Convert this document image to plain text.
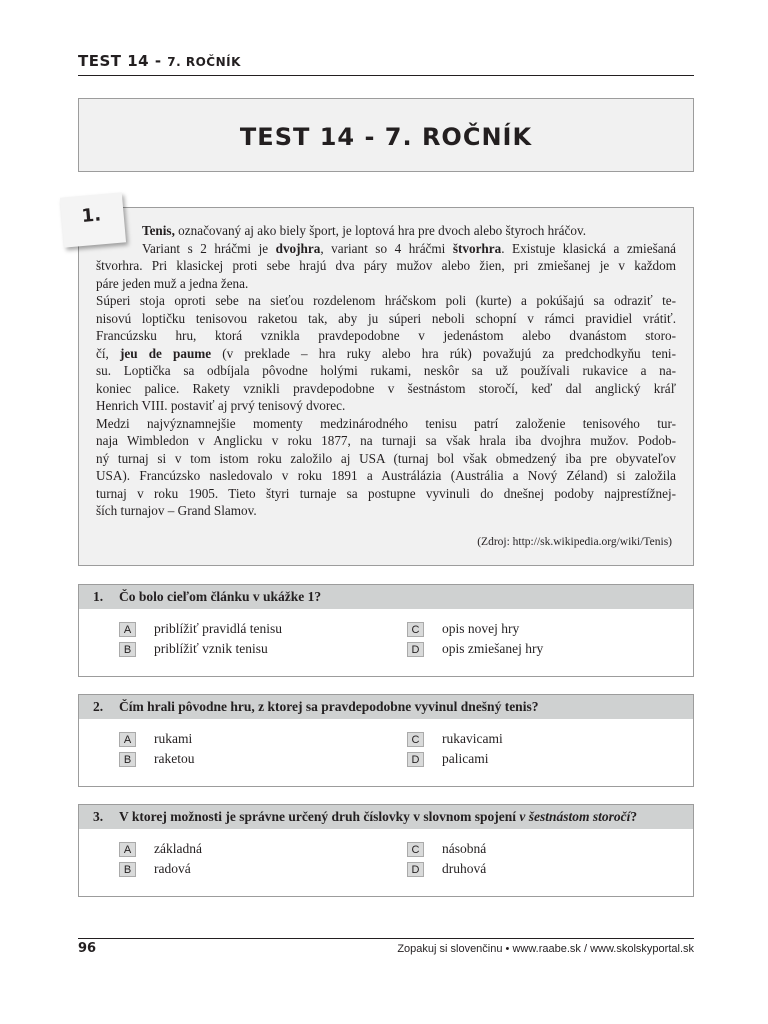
TEST 14 - 7. ROČNÍK
TEST 14 - 7. ROČNÍK
1.
Tenis, označovaný aj ako biely šport, je loptová hra pre dvoch alebo štyroch hráčov.
Variant s 2 hráčmi je dvojhra, variant so 4 hráčmi štvorhra. Existuje klasická a zmiešaná
štvorhra. Pri klasickej proti sebe hrajú dva páry mužov alebo žien, pri zmiešanej je v každom
páre jeden muž a jedna žena.
Súperi stoja oproti sebe na sieťou rozdelenom hráčskom poli (kurte) a pokúšajú sa odraziť te-
nisovú loptičku tenisovou raketou tak, aby ju súperi neboli schopní v rámci pravidiel vrátiť.
Francúzsku hru, ktorá vznikla pravdepodobne v jedenástom alebo dvanástom storo-
čí, jeu de paume (v preklade – hra ruky alebo hra rúk) považujú za predchodkyňu teni-
su. Loptička sa odbíjala pôvodne holými rukami, neskôr sa už používali rukavice a na-
koniec palice. Rakety vznikli pravdepodobne v šestnástom storočí, keď dal anglický kráľ
Henrich VIII. postaviť aj prvý tenisový dvorec.
Medzi najvýznamnejšie momenty medzinárodného tenisu patrí založenie tenisového tur-
naja Wimbledon v Anglicku v roku 1877, na turnaji sa však hrala iba dvojhra mužov. Podob-
ný turnaj si v tom istom roku založilo aj USA (turnaj bol však obmedzený iba pre obyvateľov
USA). Francúzsko nasledovalo v roku 1891 a Austrálázia (Austrália a Nový Zéland) si založila
turnaj v roku 1905. Tieto štyri turnaje sa postupne vyvinuli do dnešnej podoby najprestížnej-
ších turnajov – Grand Slamov.
(Zdroj: http://sk.wikipedia.org/wiki/Tenis)
1. Čo bolo cieľom článku v ukážke 1?
A	priblížiť pravidlá tenisu
B	priblížiť vznik tenisu
C	opis novej hry
D	opis zmiešanej hry
2. Čím hrali pôvodne hru, z ktorej sa pravdepodobne vyvinul dnešný tenis?
A	rukami
B	raketou
C	rukavicami
D	palicami
3. V ktorej možnosti je správne určený druh číslovky v slovnom spojení v šestnástom storočí?
A	základná
B	radová
C	násobná
D	druhová
96	Zopakuj si slovenčinu • www.raabe.sk / www.skolskyportal.sk
